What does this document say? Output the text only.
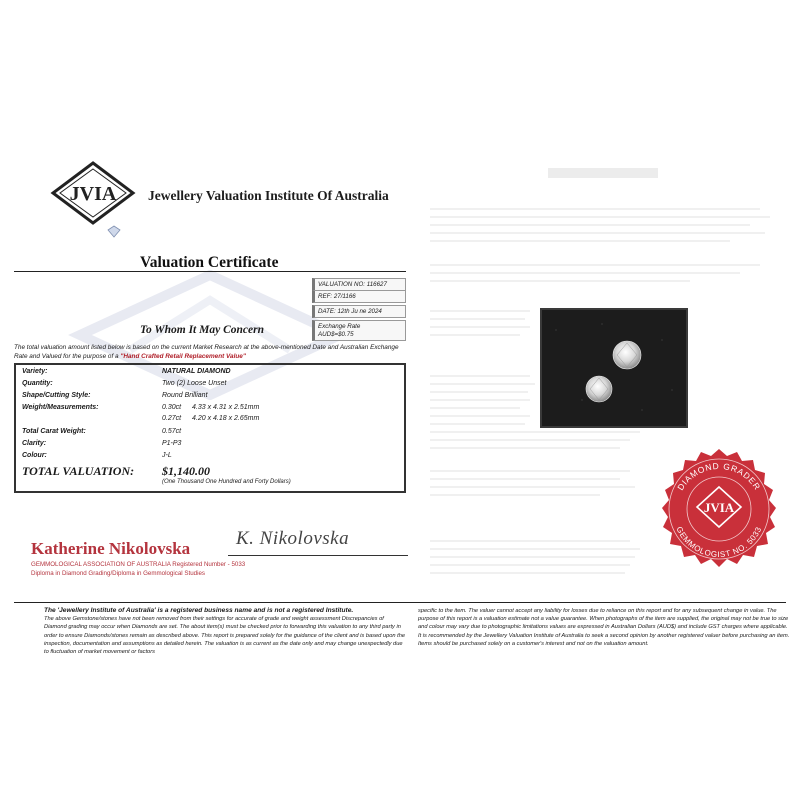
JVIA Jewellery Valuation Institute Of Australia
Valuation Certificate
VALUATION NO: 116627
REF: 27/1166
DATE: 12th Ju ne 2024
Exchange Rate
AUD$=$0.75
To Whom It May Concern
The total valuation amount listed below is based on the current Market Research at the above-mentioned Date and Australian Exchange Rate and Valued for the purpose of a "Hand Crafted Retail Replacement Value"
Variety:	NATURAL DIAMOND
Quantity:	Two (2) Loose Unset
Shape/Cutting Style:	Round Brilliant
Weight/Measurements:	0.30ct 4.33 x 4.31 x 2.51mm
0.27ct 4.20 x 4.18 x 2.65mm
Total Carat Weight:	0.57ct
Clarity:	P1-P3
Colour:	J-L
TOTAL VALUATION: $1,140.00
(One Thousand One Hundred and Forty Dollars)
Katherine Nikolovska K. Nikolovska
GEMMOLOGICAL ASSOCIATION OF AUSTRALIA Registered Number - 5033
Diploma in Diamond Grading/Diploma in Gemmological Studies
DIAMOND GRADER
GEMMOLOGIST NO. 5033
JVIA
The 'Jewellery Institute of Australia' is a registered business name and is not a registered Institute.
The above Gemstone/stones have not been removed from their settings for accurate of grade and weight assessment Discrepancies of Diamond grading may occur when Diamonds are set. The about item(s) must be checked prior to forwarding this valuation to any third party in order to ensure Diamonds/stones remain as described above. This report is prepared solely for the guidance of the client and is based upon the inspection, documentation and assumptions as detailed herein. The valuation is as current as the date only and may change unexpectedly due to fluctuation of market movement or factors
specific to the item. The valuer cannot accept any liability for losses due to reliance on this report and for any subsequent change in value. The purpose of this report is a valuation estimate not a value guarantee. When photographs of the item are supplied, the original may not be true to size and colour may vary due to photographic limitations values are expressed in Australian Dollars (AUD$) and include GST charges where applicable. It is recommended by the Jewellery Valuation Institute of Australia to seek a second opinion by another registered valuer before purchasing an item. Items should be purchased solely on a customer's interest and not on the valuation amount.
